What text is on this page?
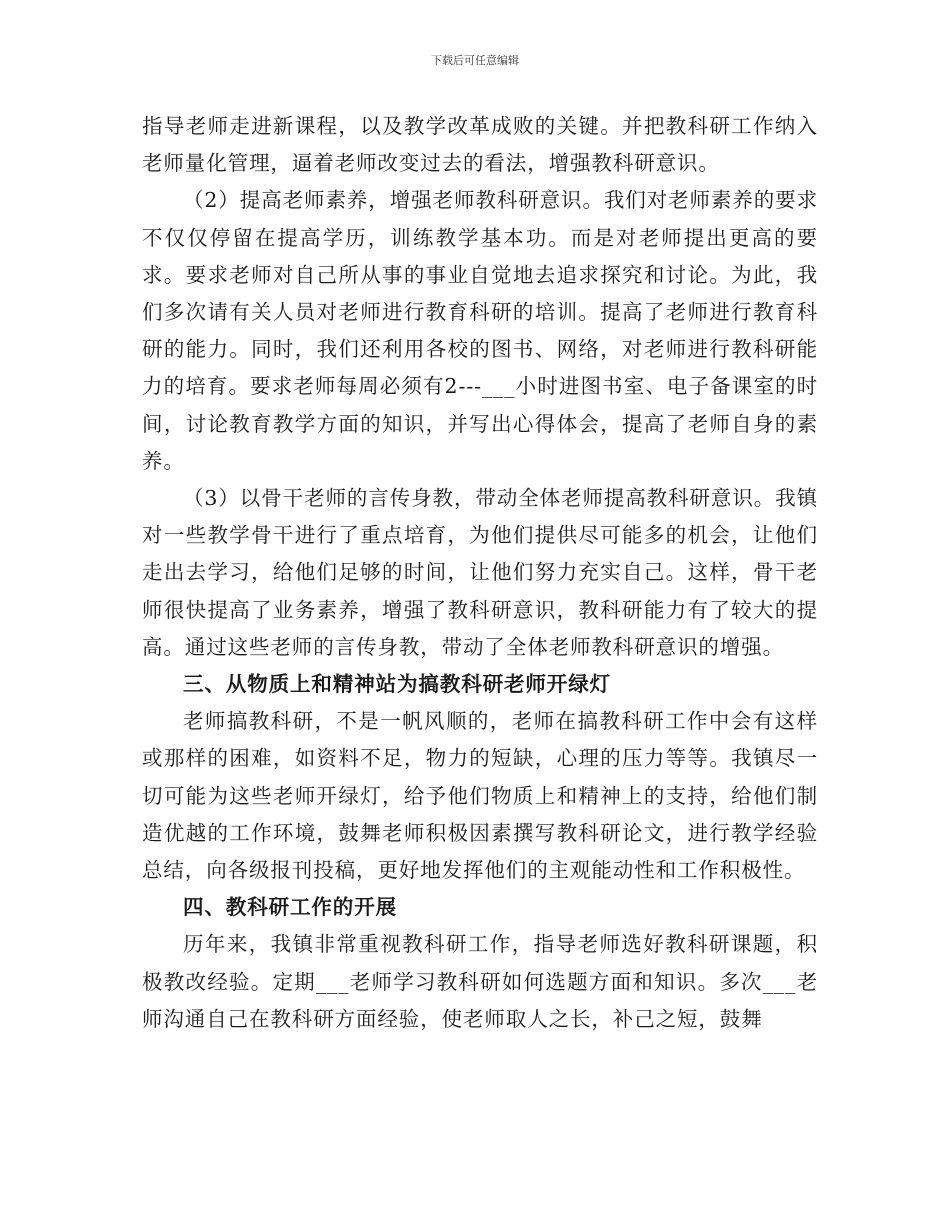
下载后可任意编辑

指导老师走进新课程，以及教学改革成败的关键。并把教科研工作纳入老师量化管理，逼着老师改变过去的看法，增强教科研意识。

（2）提高老师素养，增强老师教科研意识。我们对老师素养的要求不仅仅停留在提高学历，训练教学基本功。而是对老师提出更高的要求。要求老师对自己所从事的事业自觉地去追求探究和讨论。为此，我们多次请有关人员对老师进行教育科研的培训。提高了老师进行教育科研的能力。同时，我们还利用各校的图书、网络，对老师进行教科研能力的培育。要求老师每周必须有2---___小时进图书室、电子备课室的时间，讨论教育教学方面的知识，并写出心得体会，提高了老师自身的素养。

（3）以骨干老师的言传身教，带动全体老师提高教科研意识。我镇对一些教学骨干进行了重点培育，为他们提供尽可能多的机会，让他们走出去学习，给他们足够的时间，让他们努力充实自己。这样，骨干老师很快提高了业务素养，增强了教科研意识，教科研能力有了较大的提高。通过这些老师的言传身教，带动了全体老师教科研意识的增强。

三、从物质上和精神站为搞教科研老师开绿灯

老师搞教科研，不是一帆风顺的，老师在搞教科研工作中会有这样或那样的困难，如资料不足，物力的短缺，心理的压力等等。我镇尽一切可能为这些老师开绿灯，给予他们物质上和精神上的支持，给他们制造优越的工作环境，鼓舞老师积极因素撰写教科研论文，进行教学经验总结，向各级报刊投稿，更好地发挥他们的主观能动性和工作积极性。

四、教科研工作的开展

历年来，我镇非常重视教科研工作，指导老师选好教科研课题，积极教改经验。定期___老师学习教科研如何选题方面和知识。多次___老师沟通自己在教科研方面经验，使老师取人之长，补己之短，鼓舞
